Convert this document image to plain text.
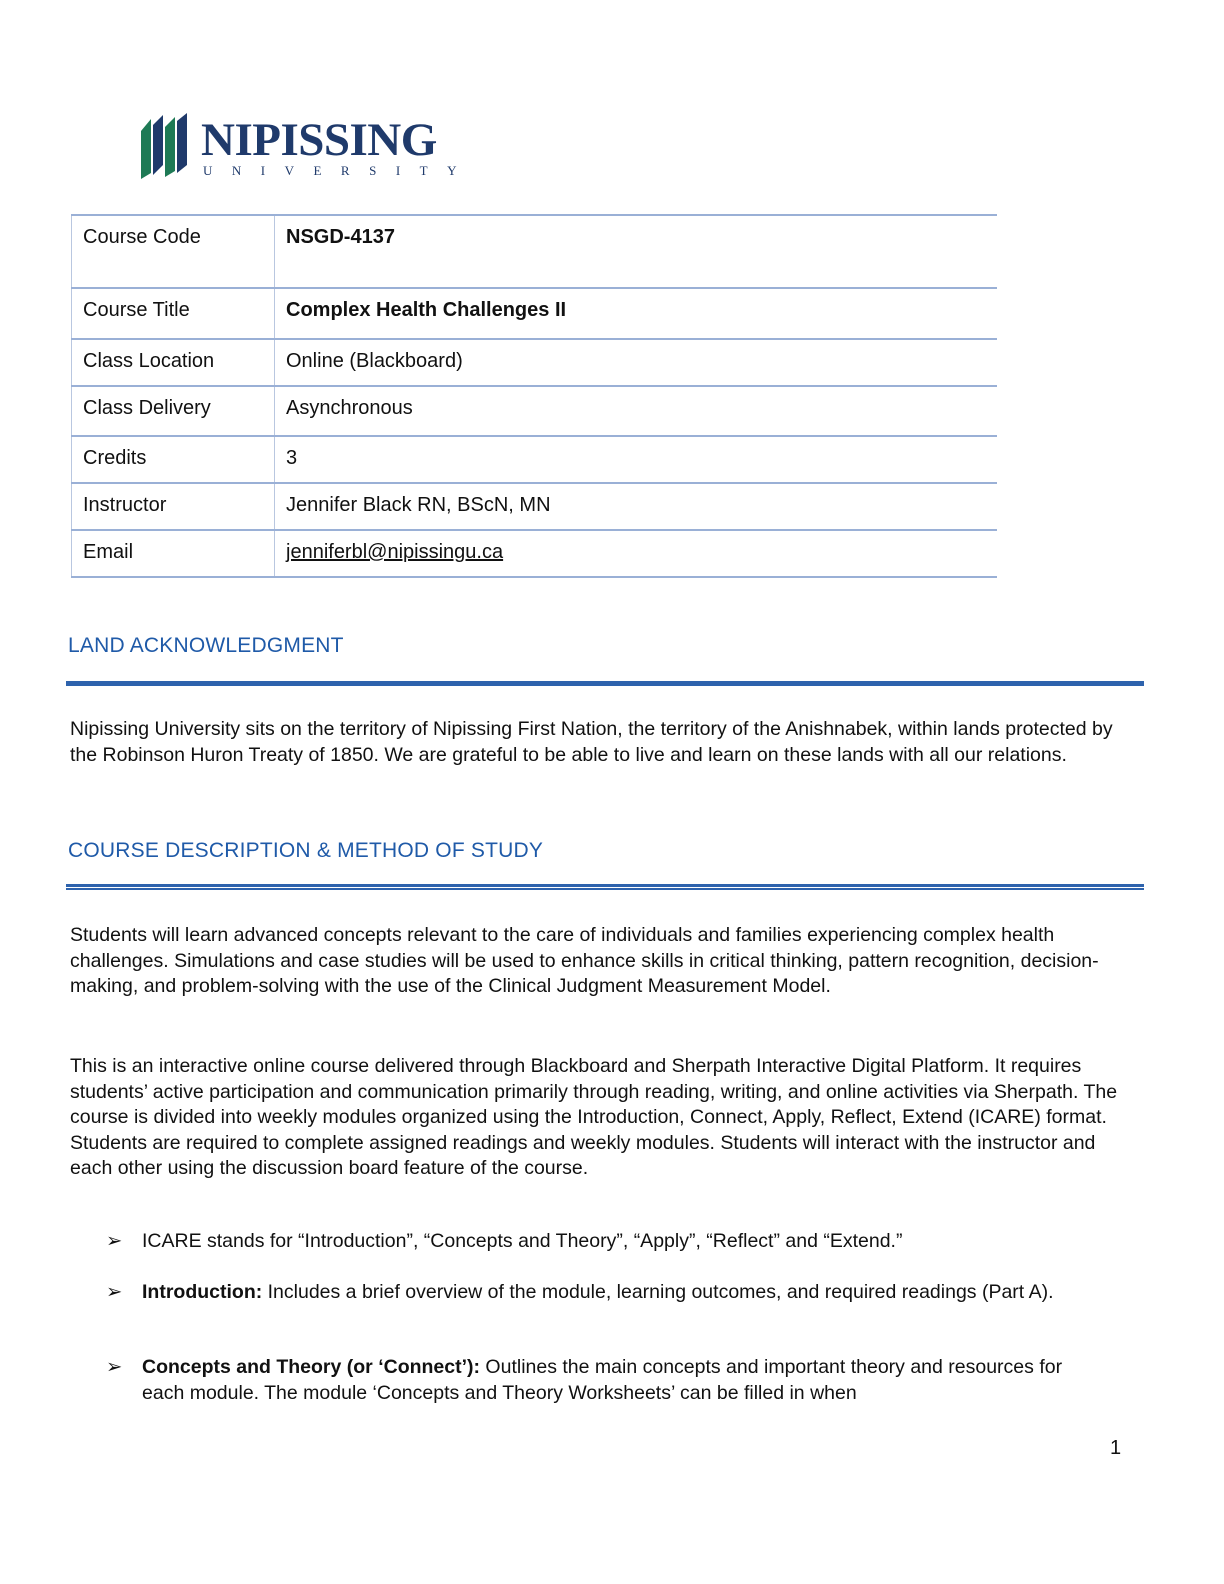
NIPISSING
UNIVERSITY
Course Code	NSGD-4137
Course Title	Complex Health Challenges II
Class Location	Online (Blackboard)
Class Delivery	Asynchronous
Credits	3
Instructor	Jennifer Black RN, BScN, MN
Email	jenniferbl@nipissingu.ca
LAND ACKNOWLEDGMENT

Nipissing University sits on the territory of Nipissing First Nation, the territory of the Anishnabek, within lands protected by the Robinson Huron Treaty of 1850. We are grateful to be able to live and learn on these lands with all our relations.

COURSE DESCRIPTION & METHOD OF STUDY

Students will learn advanced concepts relevant to the care of individuals and families experiencing complex health challenges. Simulations and case studies will be used to enhance skills in critical thinking, pattern recognition, decision-making, and problem-solving with the use of the Clinical Judgment Measurement Model.

This is an interactive online course delivered through Blackboard and Sherpath Interactive Digital Platform. It requires students’ active participation and communication primarily through reading, writing, and online activities via Sherpath. The course is divided into weekly modules organized using the Introduction, Connect, Apply, Reflect, Extend (ICARE) format. Students are required to complete assigned readings and weekly modules. Students will interact with the instructor and each other using the discussion board feature of the course.

➢	ICARE stands for “Introduction”, “Concepts and Theory”, “Apply”, “Reflect” and “Extend.”
➢	Introduction: Includes a brief overview of the module, learning outcomes, and required readings (Part A).
➢	Concepts and Theory (or ‘Connect’): Outlines the main concepts and important theory and resources for each module. The module ‘Concepts and Theory Worksheets’ can be filled in when
1
